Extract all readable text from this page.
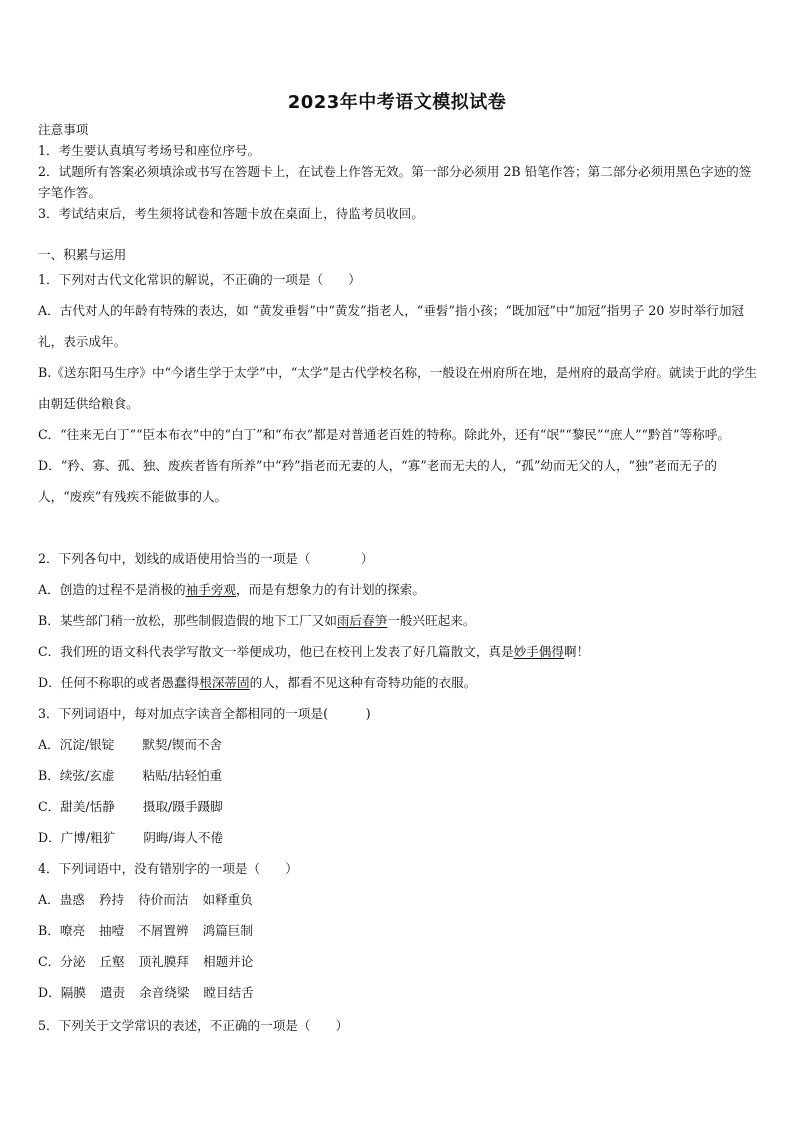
2023年中考语文模拟试卷
注意事项
1．考生要认真填写考场号和座位序号。
2．试题所有答案必须填涂或书写在答题卡上，在试卷上作答无效。第一部分必须用 2B 铅笔作答；第二部分必须用黑色字迹的签字笔作答。
3．考试结束后，考生须将试卷和答题卡放在桌面上，待监考员收回。
一、积累与运用
1．下列对古代文化常识的解说，不正确的一项是（　　）
A．古代对人的年龄有特殊的表达，如 “黄发垂髫”中“黄发”指老人，“垂髫”指小孩；“既加冠”中“加冠”指男子 20 岁时举行加冠礼，表示成年。
B.《送东阳马生序》中“今诸生学于太学”中，“太学”是古代学校名称，一般设在州府所在地，是州府的最高学府。就读于此的学生由朝廷供给粮食。
C．“往来无白丁”“臣本布衣”中的“白丁”和“布衣”都是对普通老百姓的特称。除此外，还有“氓”“黎民”“庶人”“黔首”等称呼。
D．“矜、寡、孤、独、废疾者皆有所养”中“矜”指老而无妻的人，“寡”老而无夫的人，“孤”幼而无父的人，“独”老而无子的人，“废疾”有残疾不能做事的人。
2．下列各句中，划线的成语使用恰当的一项是（　　　　）
A．创造的过程不是消极的袖手旁观，而是有想象力的有计划的探索。
B．某些部门稍一放松，那些制假造假的地下工厂又如雨后春笋一般兴旺起来。
C．我们班的语文科代表学写散文一举便成功，他已在校刊上发表了好几篇散文，真是妙手偶得啊！
D．任何不称职的或者愚蠢得根深蒂固的人，都看不见这种有奇特功能的衣服。
3．下列词语中，每对加点字读音全都相同的一项是(　　　)
A．沉淀/银锭 默契/锲而不舍
B．续弦/玄虚 粘贴/拈轻怕重
C．甜美/恬静 摄取/蹑手蹑脚
D．广博/粗犷 阴晦/诲人不倦
4．下列词语中，没有错别字的一项是（　　）
A．蛊惑 矜持 待价而沽 如释重负
B．嘹亮 抽噎 不屑置辨 鸿篇巨制
C．分泌 丘壑 顶礼膜拜 相题并论
D．隔膜 遣责 余音绕梁 瞠目结舌
5．下列关于文学常识的表述，不正确的一项是（　　）
